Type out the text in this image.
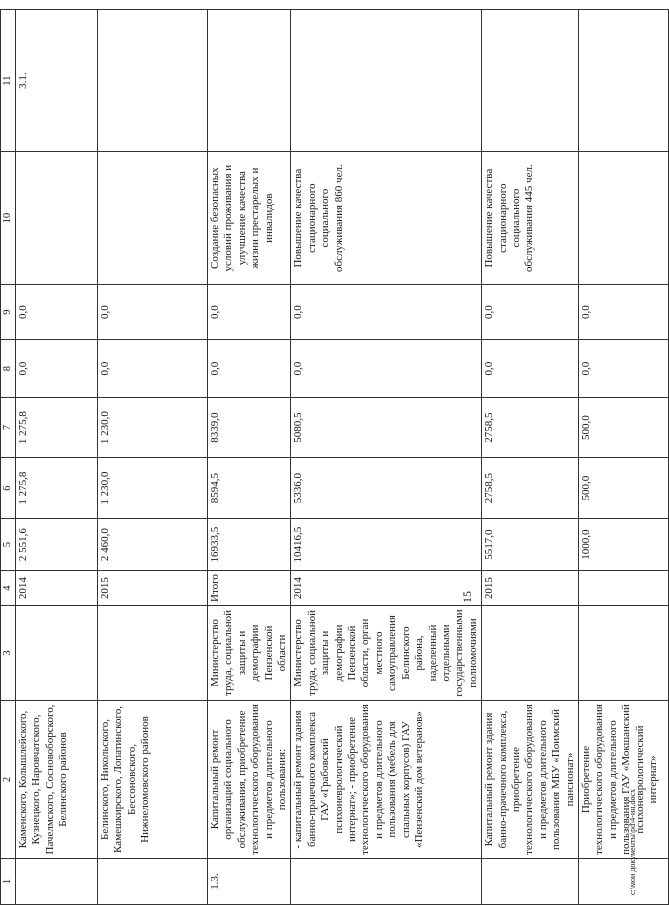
1	2	3	4	5	6	7	8	9	10	11
	Каменского, Колышлейского, Кузнецкого, Наровчатского, Пачелмского, Сосновоборского, Белинского районов		2014	2 551,6	1 275,8	1 275,8	0,0	0,0		3.1.
	Белинского, Никольского, Камешкирского, Лопатинского, Бессоновского, Нижнеломовского районов		2015	2 460,0	1 230,0	1 230,0	0,0	0,0		
1.3.	Капитальный ремонт организаций социального обслуживания, приобретение технологического оборудования и предметов длительного пользования:	Министерство труда, социальной защиты и демографии Пензенской области	Итого	16933,5	8594,5	8339,0	0,0	0,0	Создание безопасных условий проживания и улучшение качества жизни престарелых и инвалидов	
	- капитальный ремонт здания банно-прачечного комплекса ГАУ «Грабовский психоневрологический интернат»; - приобретение технологического оборудования и предметов длительного пользования (мебель для спальных корпусов) ГАУ «Пензенский дом ветеранов»	Министерство труда, социальной защиты и демографии Пензенской области, орган местного самоуправления Белинского района, наделенный отдельными государственными полномочиями	2014	10416,5	5336,0	5080,5	0,0	0,0	Повышение качества стационарного социального обслуживания 860 чел.	
	Капитальный ремонт здания банно-прачечного комплекса, приобретение технологического оборудования и предметов длительного пользования МБУ «Поимский пансионат»		2015	5517,0	2758,5	2758,5	0,0	0,0	Повышение качества стационарного социального обслуживания 445 чел.	
	Приобретение технологического оборудования и предметов длительного пользования ГАУ «Мокшанский психоневрологический интернат»			1000,0	500,0	500,0	0,0	0,0		
15
c:\мои документы\pd\4-ин.docx
